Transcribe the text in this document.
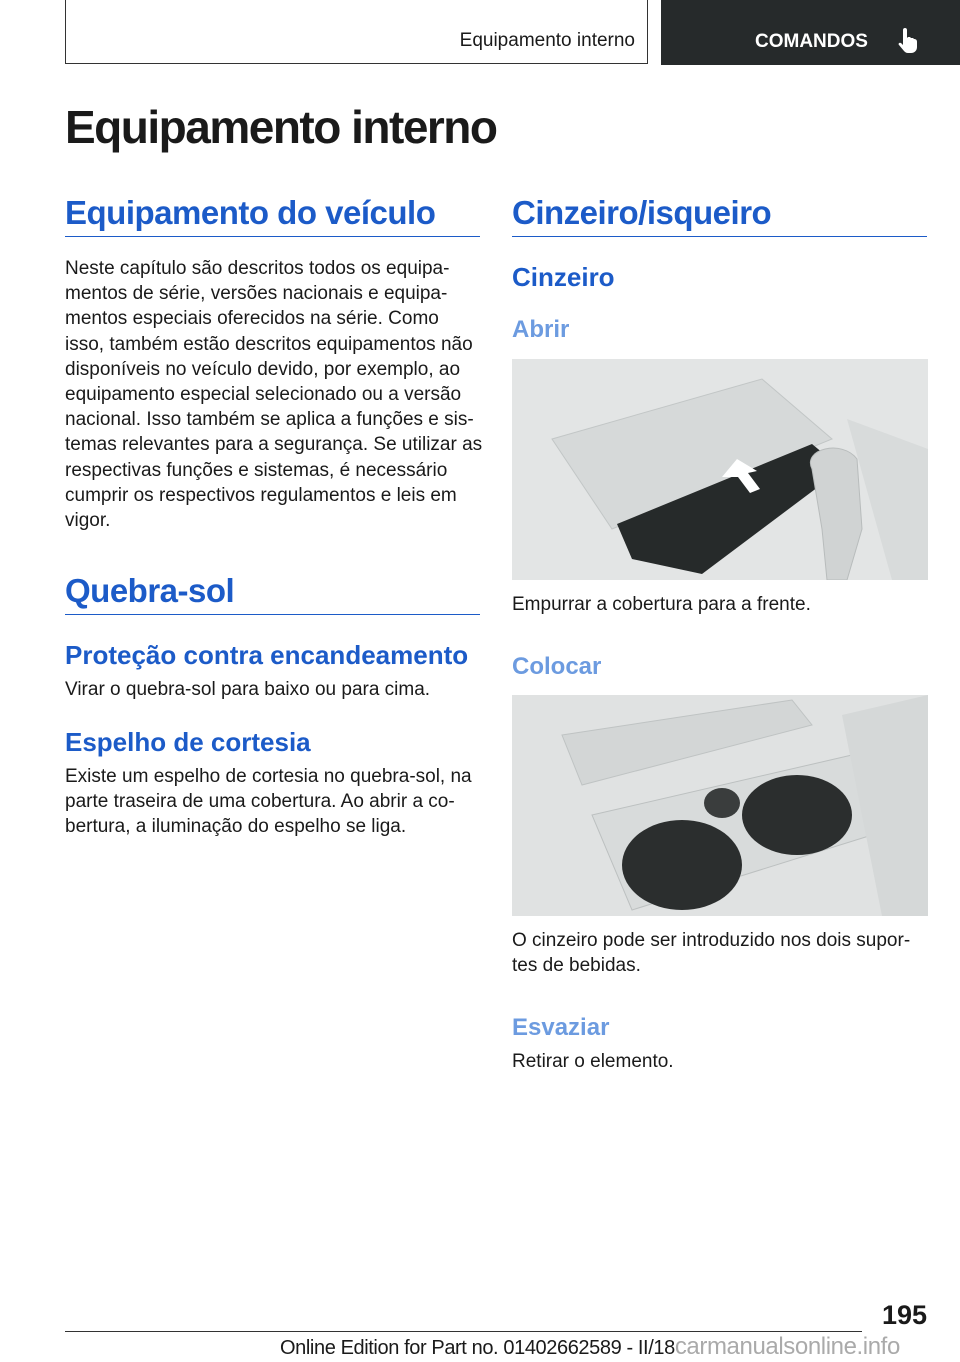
Equipamento interno	COMANDOS
Equipamento interno
Equipamento do veículo
Neste capítulo são descritos todos os equipa-
mentos de série, versões nacionais e equipa-
mentos especiais oferecidos na série. Como
isso, também estão descritos equipamentos não
disponíveis no veículo devido, por exemplo, ao
equipamento especial selecionado ou a versão
nacional. Isso também se aplica a funções e sis-
temas relevantes para a segurança. Se utilizar as
respectivas funções e sistemas, é necessário
cumprir os respectivos regulamentos e leis em
vigor.
Quebra-sol
Proteção contra encandeamento
Virar o quebra-sol para baixo ou para cima.
Espelho de cortesia
Existe um espelho de cortesia no quebra-sol, na
parte traseira de uma cobertura. Ao abrir a co-
bertura, a iluminação do espelho se liga.
Cinzeiro/isqueiro
Cinzeiro
Abrir
Empurrar a cobertura para a frente.
Colocar
O cinzeiro pode ser introduzido nos dois supor-
tes de bebidas.
Esvaziar
Retirar o elemento.
195
Online Edition for Part no. 01402662589 - II/18carmanualsonline.info
